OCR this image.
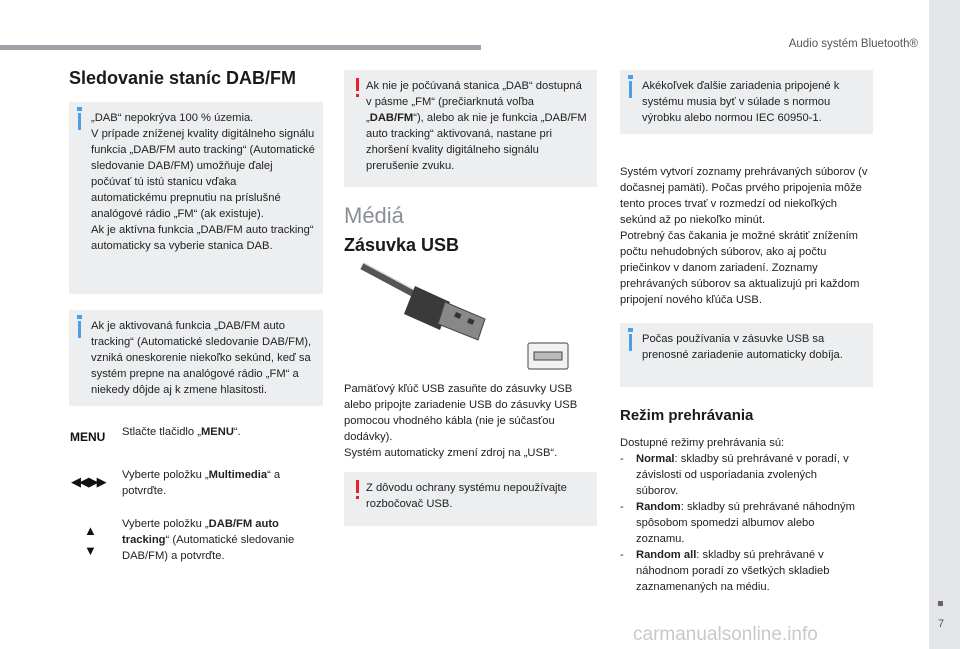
Audio systém Bluetooth®
Sledovanie staníc DAB/FM
„DAB“ nepokrýva 100 % územia.
V prípade zníženej kvality digitálneho signálu funkcia „DAB/FM auto tracking“ (Automatické sledovanie DAB/FM) umožňuje ďalej počúvať tú istú stanicu vďaka automatickému prepnutiu na príslušné analógové rádio „FM“ (ak existuje).
Ak je aktívna funkcia „DAB/FM auto tracking“ automaticky sa vyberie stanica DAB.
Ak je aktivovaná funkcia „DAB/FM auto tracking“ (Automatické sledovanie DAB/FM), vzniká oneskorenie niekoľko sekúnd, keď sa systém prepne na analógové rádio „FM“ a niekedy dôjde aj k zmene hlasitosti.
MENU Stlačte tlačidlo „MENU“.
◀◀ ▶▶ Vyberte položku „Multimedia“ a potvrďte.
▲
▼
Vyberte položku „DAB/FM auto tracking“ (Automatické sledovanie DAB/FM) a potvrďte.
Ak nie je počúvaná stanica „DAB“ dostupná v pásme „FM“ (prečiarknutá voľba „DAB/FM“), alebo ak nie je funkcia „DAB/FM auto tracking“ aktivovaná, nastane pri zhoršení kvality digitálneho signálu prerušenie zvuku.
Médiá
Zásuvka USB
Pamäťový kľúč USB zasuňte do zásuvky USB alebo pripojte zariadenie USB do zásuvky USB pomocou vhodného kábla (nie je súčasťou dodávky).
Systém automaticky zmení zdroj na „USB“.
Z dôvodu ochrany systému nepoužívajte rozbočovač USB.
Akékoľvek ďalšie zariadenia pripojené k systému musia byť v súlade s normou výrobku alebo normou IEC 60950-1.
Systém vytvorí zoznamy prehrávaných súborov (v dočasnej pamäti). Počas prvého pripojenia môže tento proces trvať v rozmedzí od niekoľkých sekúnd až po niekoľko minút.
Potrebný čas čakania je možné skrátiť znížením počtu nehudobných súborov, ako aj počtu priečinkov v danom zariadení. Zoznamy prehrávaných súborov sa aktualizujú pri každom pripojení nového kľúča USB.
Počas používania v zásuvke USB sa prenosné zariadenie automaticky dobíja.
Režim prehrávania
Dostupné režimy prehrávania sú:
- Normal: skladby sú prehrávané v poradí, v závislosti od usporiadania zvolených súborov.
- Random: skladby sú prehrávané náhodným spôsobom spomedzi albumov alebo zoznamu.
- Random all: skladby sú prehrávané v náhodnom poradí zo všetkých skladieb zaznamenaných na médiu.
7
carmanualsonline.info
